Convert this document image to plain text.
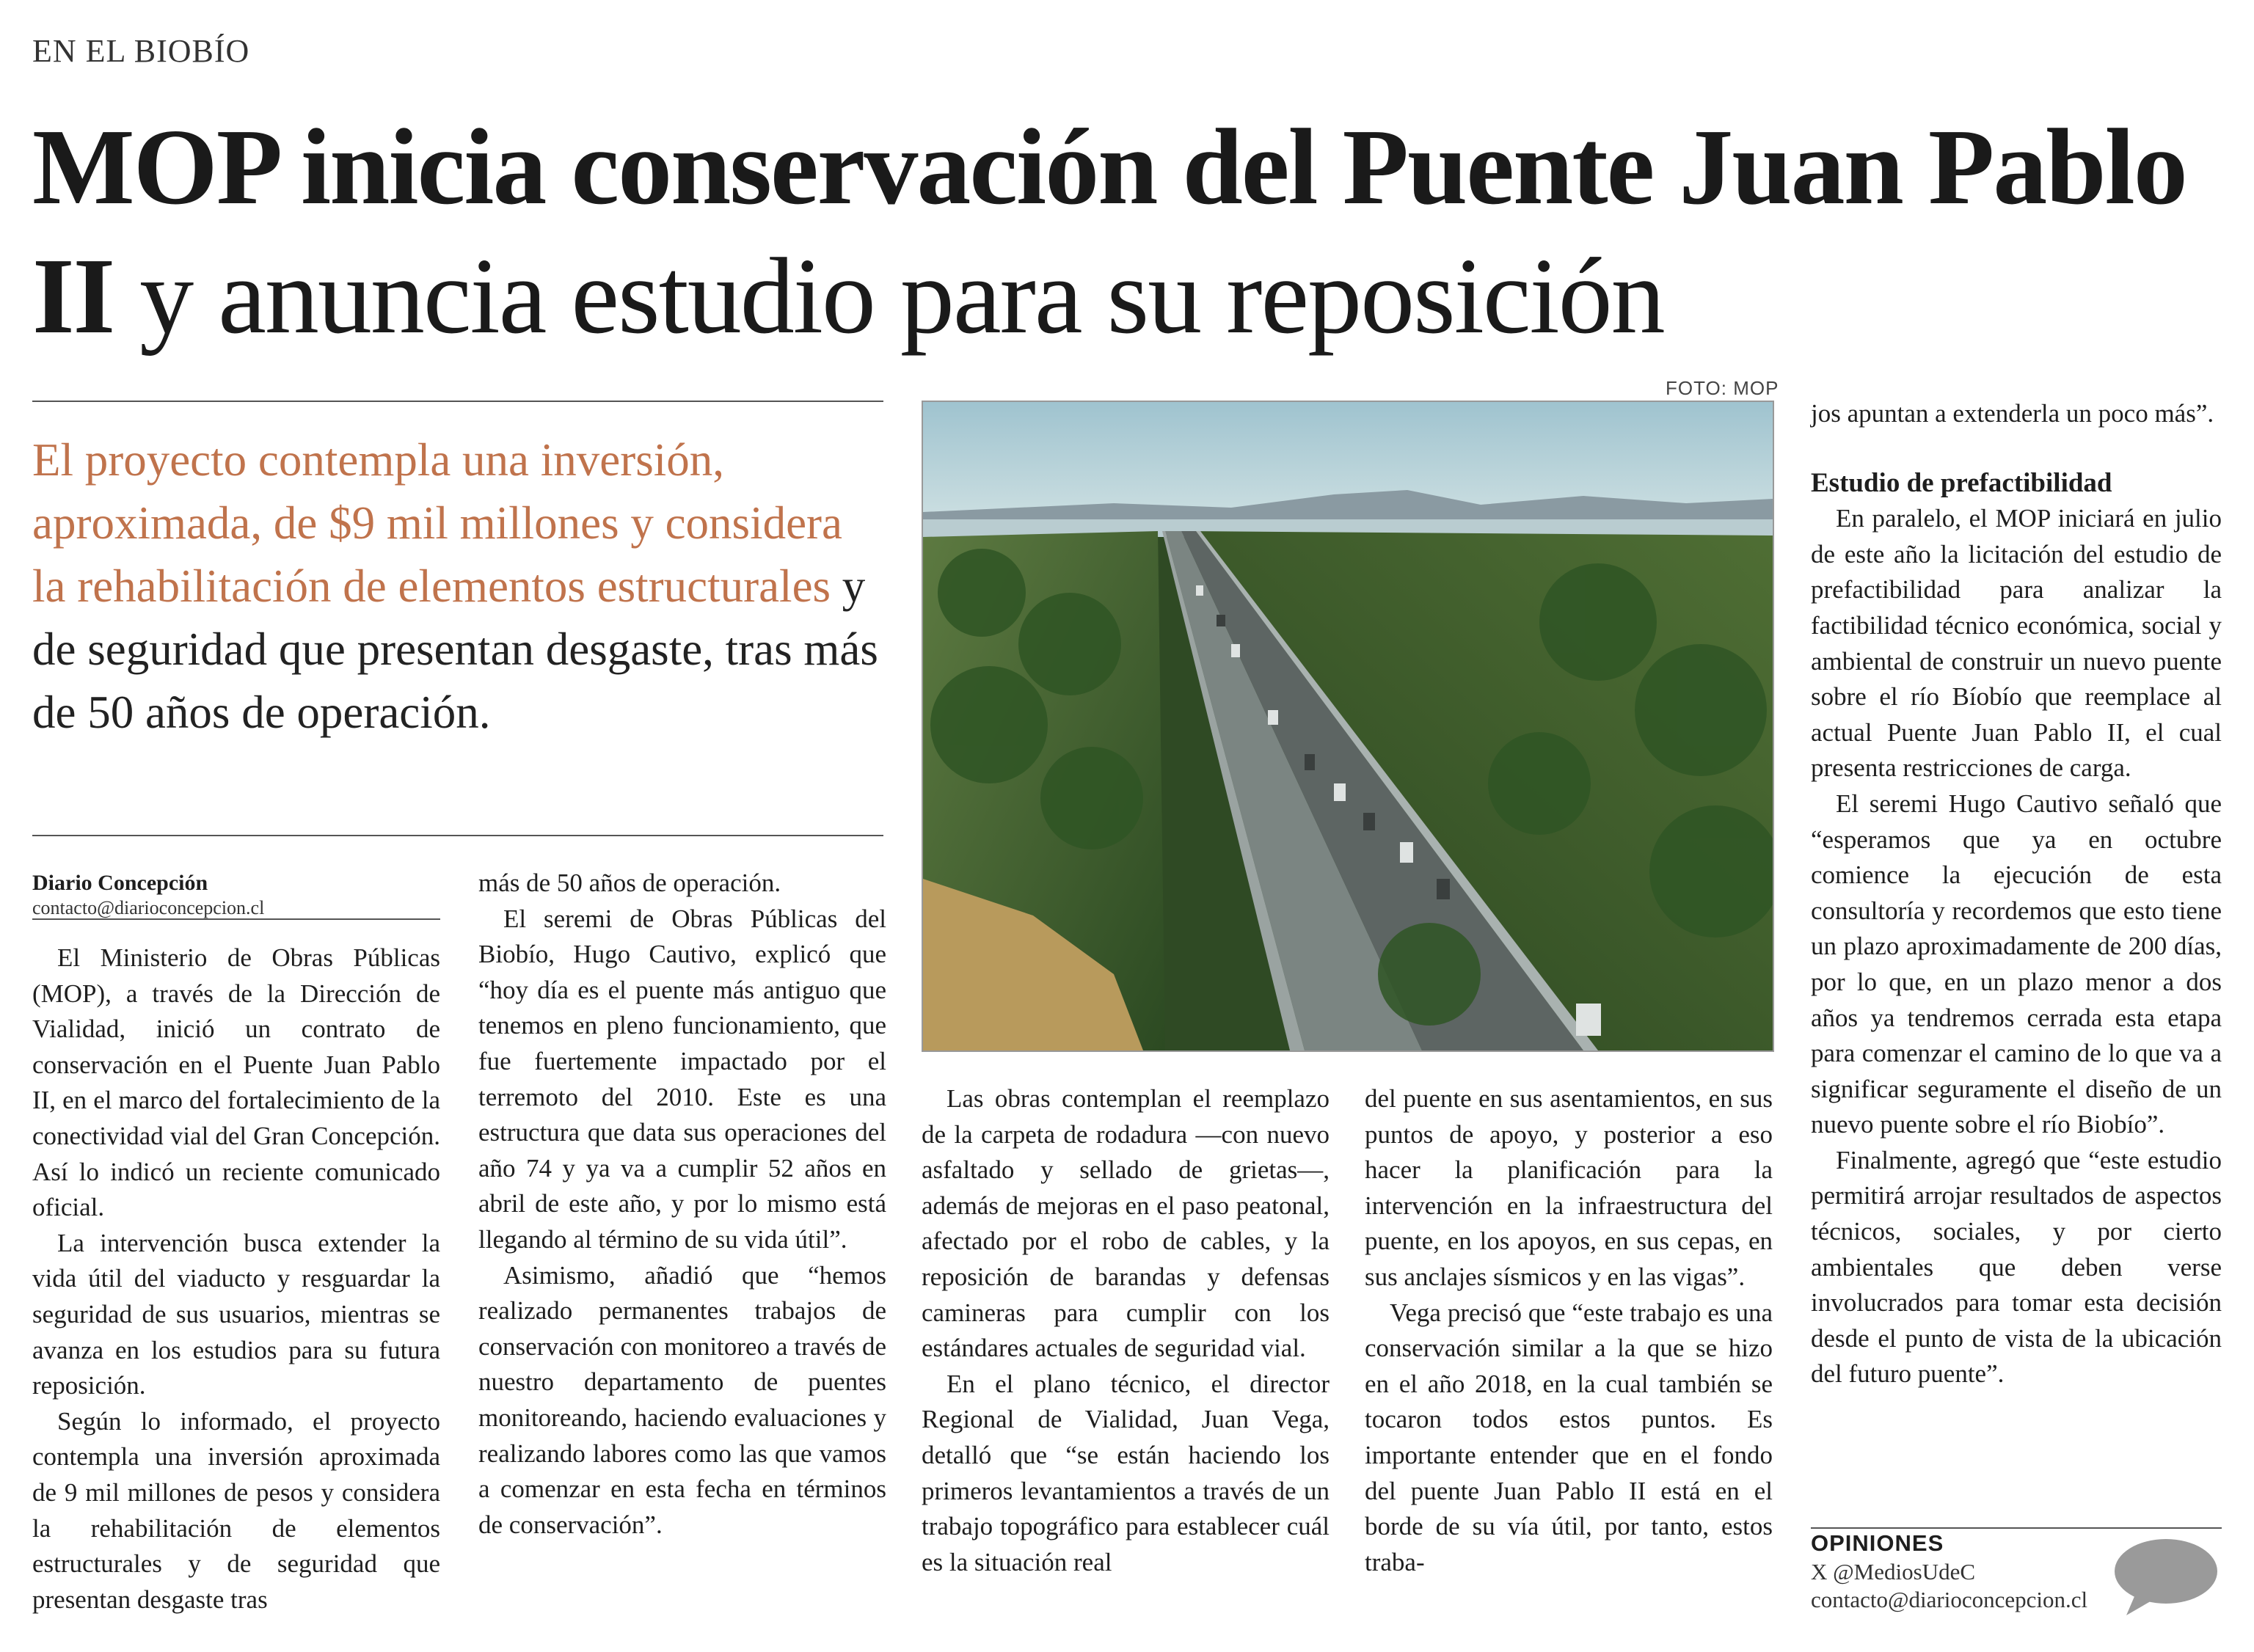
EN EL BIOBÍO
MOP inicia conservación del Puente Juan Pablo II y anuncia estudio para su reposición

El proyecto contempla una inversión, aproximada, de $9 mil millones y considera la rehabilitación de elementos estructurales y de seguridad que presentan desgaste, tras más de 50 años de operación.

FOTO: MOP
Diario Concepción
contacto@diarioconcepcion.cl

El Ministerio de Obras Públicas (MOP), a través de la Dirección de Vialidad, inició un contrato de conservación en el Puente Juan Pablo II, en el marco del fortalecimiento de la conectividad vial del Gran Concepción. Así lo indicó un reciente comunicado oficial.

La intervención busca extender la vida útil del viaducto y resguardar la seguridad de sus usuarios, mientras se avanza en los estudios para su futura reposición.

Según lo informado, el proyecto contempla una inversión aproximada de 9 mil millones de pesos y considera la rehabilitación de elementos estructurales y de seguridad que presentan desgaste tras

más de 50 años de operación.

El seremi de Obras Públicas del Biobío, Hugo Cautivo, explicó que “hoy día es el puente más antiguo que tenemos en pleno funcionamiento, que fue fuertemente impactado por el terremoto del 2010. Este es una estructura que data sus operaciones del año 74 y ya va a cumplir 52 años en abril de este año, y por lo mismo está llegando al término de su vida útil”.

Asimismo, añadió que “hemos realizado permanentes trabajos de conservación con monitoreo a través de nuestro departamento de puentes monitoreando, haciendo evaluaciones y realizando labores como las que vamos a comenzar en esta fecha en términos de conservación”.

Las obras contemplan el reemplazo de la carpeta de rodadura —con nuevo asfaltado y sellado de grietas—, además de mejoras en el paso peatonal, afectado por el robo de cables, y la reposición de barandas y defensas camineras para cumplir con los estándares actuales de seguridad vial.

En el plano técnico, el director Regional de Vialidad, Juan Vega, detalló que “se están haciendo los primeros levantamientos a través de un trabajo topográfico para establecer cuál es la situación real

del puente en sus asentamientos, en sus puntos de apoyo, y posterior a eso hacer la planificación para la intervención en la infraestructura del puente, en los apoyos, en sus cepas, en sus anclajes sísmicos y en las vigas”.

Vega precisó que “este trabajo es una conservación similar a la que se hizo en el año 2018, en la cual también se tocaron todos estos puntos. Es importante entender que en el fondo del puente Juan Pablo II está en el borde de su vía útil, por tanto, estos traba-

jos apuntan a extenderla un poco más”.

Estudio de prefactibilidad

En paralelo, el MOP iniciará en julio de este año la licitación del estudio de prefactibilidad para analizar la factibilidad técnico económica, social y ambiental de construir un nuevo puente sobre el río Bíobío que reemplace al actual Puente Juan Pablo II, el cual presenta restricciones de carga.

El seremi Hugo Cautivo señaló que “esperamos que ya en octubre comience la ejecución de esta consultoría y recordemos que esto tiene un plazo aproximadamente de 200 días, por lo que, en un plazo menor a dos años ya tendremos cerrada esta etapa para comenzar el camino de lo que va a significar seguramente el diseño de un nuevo puente sobre el río Biobío”.

Finalmente, agregó que “este estudio permitirá arrojar resultados de aspectos técnicos, sociales, y por cierto ambientales que deben verse involucrados para tomar esta decisión desde el punto de vista de la ubicación del futuro puente”.

OPINIONES
X @MediosUdeC
contacto@diarioconcepcion.cl
